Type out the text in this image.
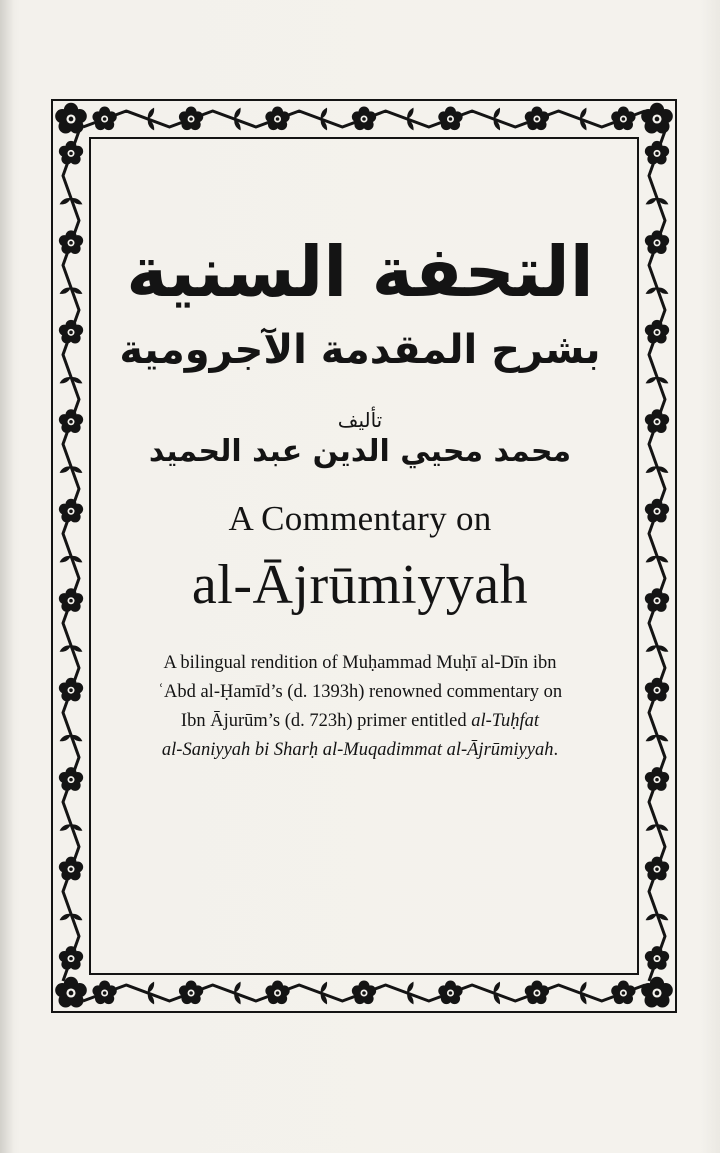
التحفة السنية
بشرح المقدمة الآجرومية
تأليف
محمد محيي الدين عبد الحميد
A Commentary on
al-Ājrūmiyyah
A bilingual rendition of Muḥammad Muḥī al-Dīn ibn
ʿAbd al-Ḥamīd’s (d. 1393h) renowned commentary on
Ibn Ājurūm’s (d. 723h) primer entitled al-Tuḥfat
al-Saniyyah bi Sharḥ al-Muqadimmat al-Ājrūmiyyah.
